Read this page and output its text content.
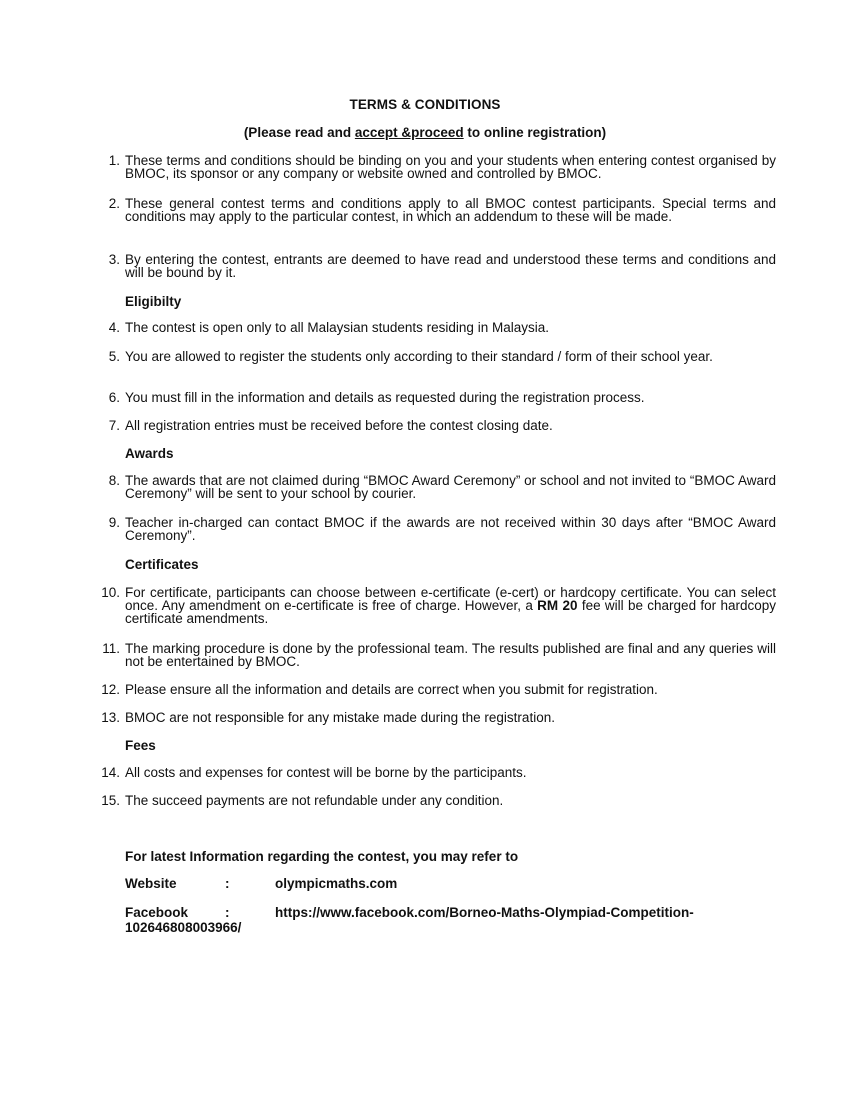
TERMS & CONDITIONS
(Please read and accept &proceed to online registration)
1. These terms and conditions should be binding on you and your students when entering contest organised by BMOC, its sponsor or any company or website owned and controlled by BMOC.
2. These general contest terms and conditions apply to all BMOC contest participants. Special terms and conditions may apply to the particular contest, in which an addendum to these will be made.
3. By entering the contest, entrants are deemed to have read and understood these terms and conditions and will be bound by it.
Eligibilty
4. The contest is open only to all Malaysian students residing in Malaysia.
5. You are allowed to register the students only according to their standard / form of their school year.
6. You must fill in the information and details as requested during the registration process.
7. All registration entries must be received before the contest closing date.
Awards
8. The awards that are not claimed during “BMOC Award Ceremony” or school and not invited to “BMOC Award Ceremony” will be sent to your school by courier.
9. Teacher in-charged can contact BMOC if the awards are not received within 30 days after “BMOC Award Ceremony”.
Certificates
10. For certificate, participants can choose between e-certificate (e-cert) or hardcopy certificate. You can select once. Any amendment on e-certificate is free of charge. However, a RM 20 fee will be charged for hardcopy certificate amendments.
11. The marking procedure is done by the professional team. The results published are final and any queries will not be entertained by BMOC.
12. Please ensure all the information and details are correct when you submit for registration.
13. BMOC are not responsible for any mistake made during the registration.
Fees
14. All costs and expenses for contest will be borne by the participants.
15. The succeed payments are not refundable under any condition.
For latest Information regarding the contest, you may refer to
Website	:	olympicmaths.com
Facebook	:	https://www.facebook.com/Borneo-Maths-Olympiad-Competition-
102646808003966/
